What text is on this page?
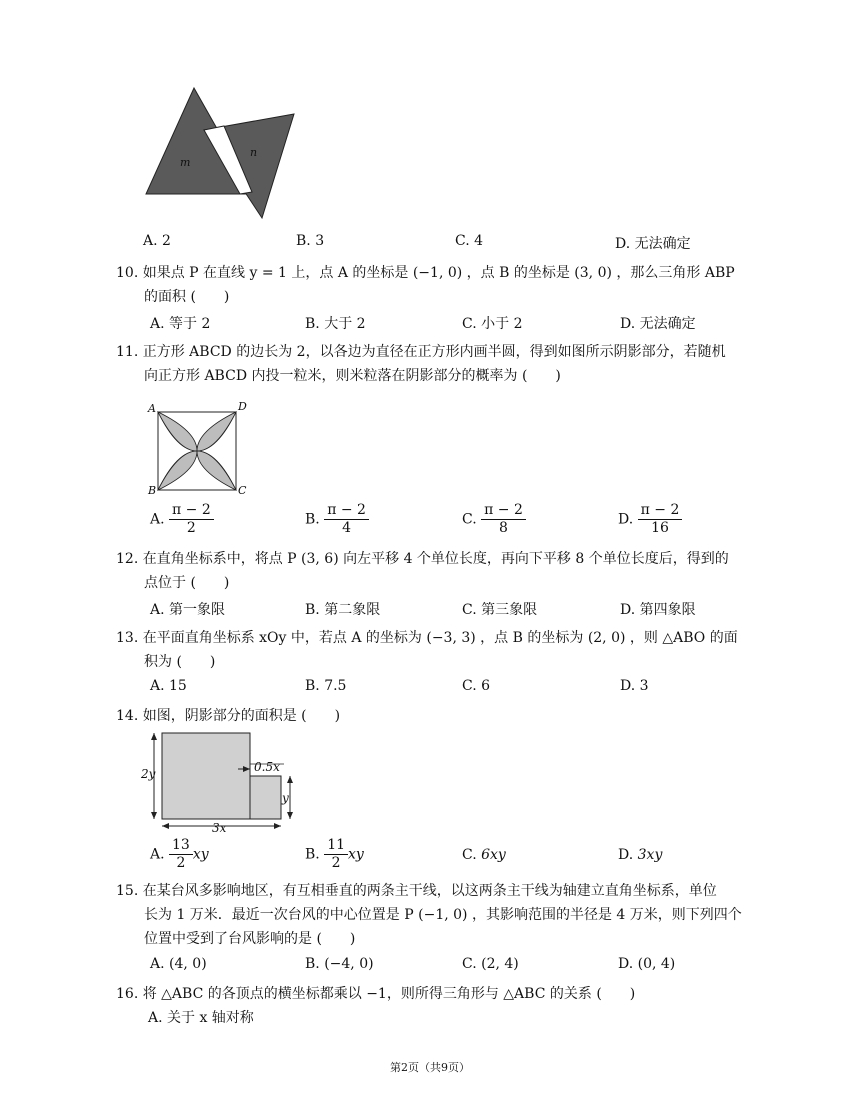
m
n
A. 2	B. 3	C. 4	D. 无法确定
10. 如果点 P 在直线 y = 1 上，点 A 的坐标是 (−1, 0) ，点 B 的坐标是 (3, 0) ，那么三角形 ABP
的面积 (　　)
A. 等于 2	B. 大于 2	C. 小于 2	D. 无法确定
11. 正方形 ABCD 的边长为 2，以各边为直径在正方形内画半圆，得到如图所示阴影部分，若随机
向正方形 ABCD 内投一粒米，则米粒落在阴影部分的概率为 (　　)
A	D
B	C
A. $\frac{\pi - 2}{2}$	B. $\frac{\pi - 2}{4}$	C. $\frac{\pi - 2}{8}$	D. $\frac{\pi - 2}{16}$
12. 在直角坐标系中，将点 P (3, 6) 向左平移 4 个单位长度，再向下平移 8 个单位长度后，得到的
点位于 (　　)
A. 第一象限	B. 第二象限	C. 第三象限	D. 第四象限
13. 在平面直角坐标系 xOy 中，若点 A 的坐标为 (−3, 3) ，点 B 的坐标为 (2, 0) ，则 △ABO 的面
积为 (　　)
A. 15	B. 7.5	C. 6	D. 3
14. 如图，阴影部分的面积是 (　　)
2y	0.5x
y
3x
A. $\frac{13}{2}$ xy	B. $\frac{11}{2}$ xy	C. 6xy	D. 3xy
15. 在某台风多影响地区，有互相垂直的两条主干线，以这两条主干线为轴建立直角坐标系，单位
长为 1 万米．最近一次台风的中心位置是 P (−1, 0) ，其影响范围的半径是 4 万米，则下列四个
位置中受到了台风影响的是 (　　)
A. (4, 0)	B. (−4, 0)	C. (2, 4)	D. (0, 4)
16. 将 △ABC 的各顶点的横坐标都乘以 −1，则所得三角形与 △ABC 的关系 (　　)
A. 关于 x 轴对称
第2页（共9页）
